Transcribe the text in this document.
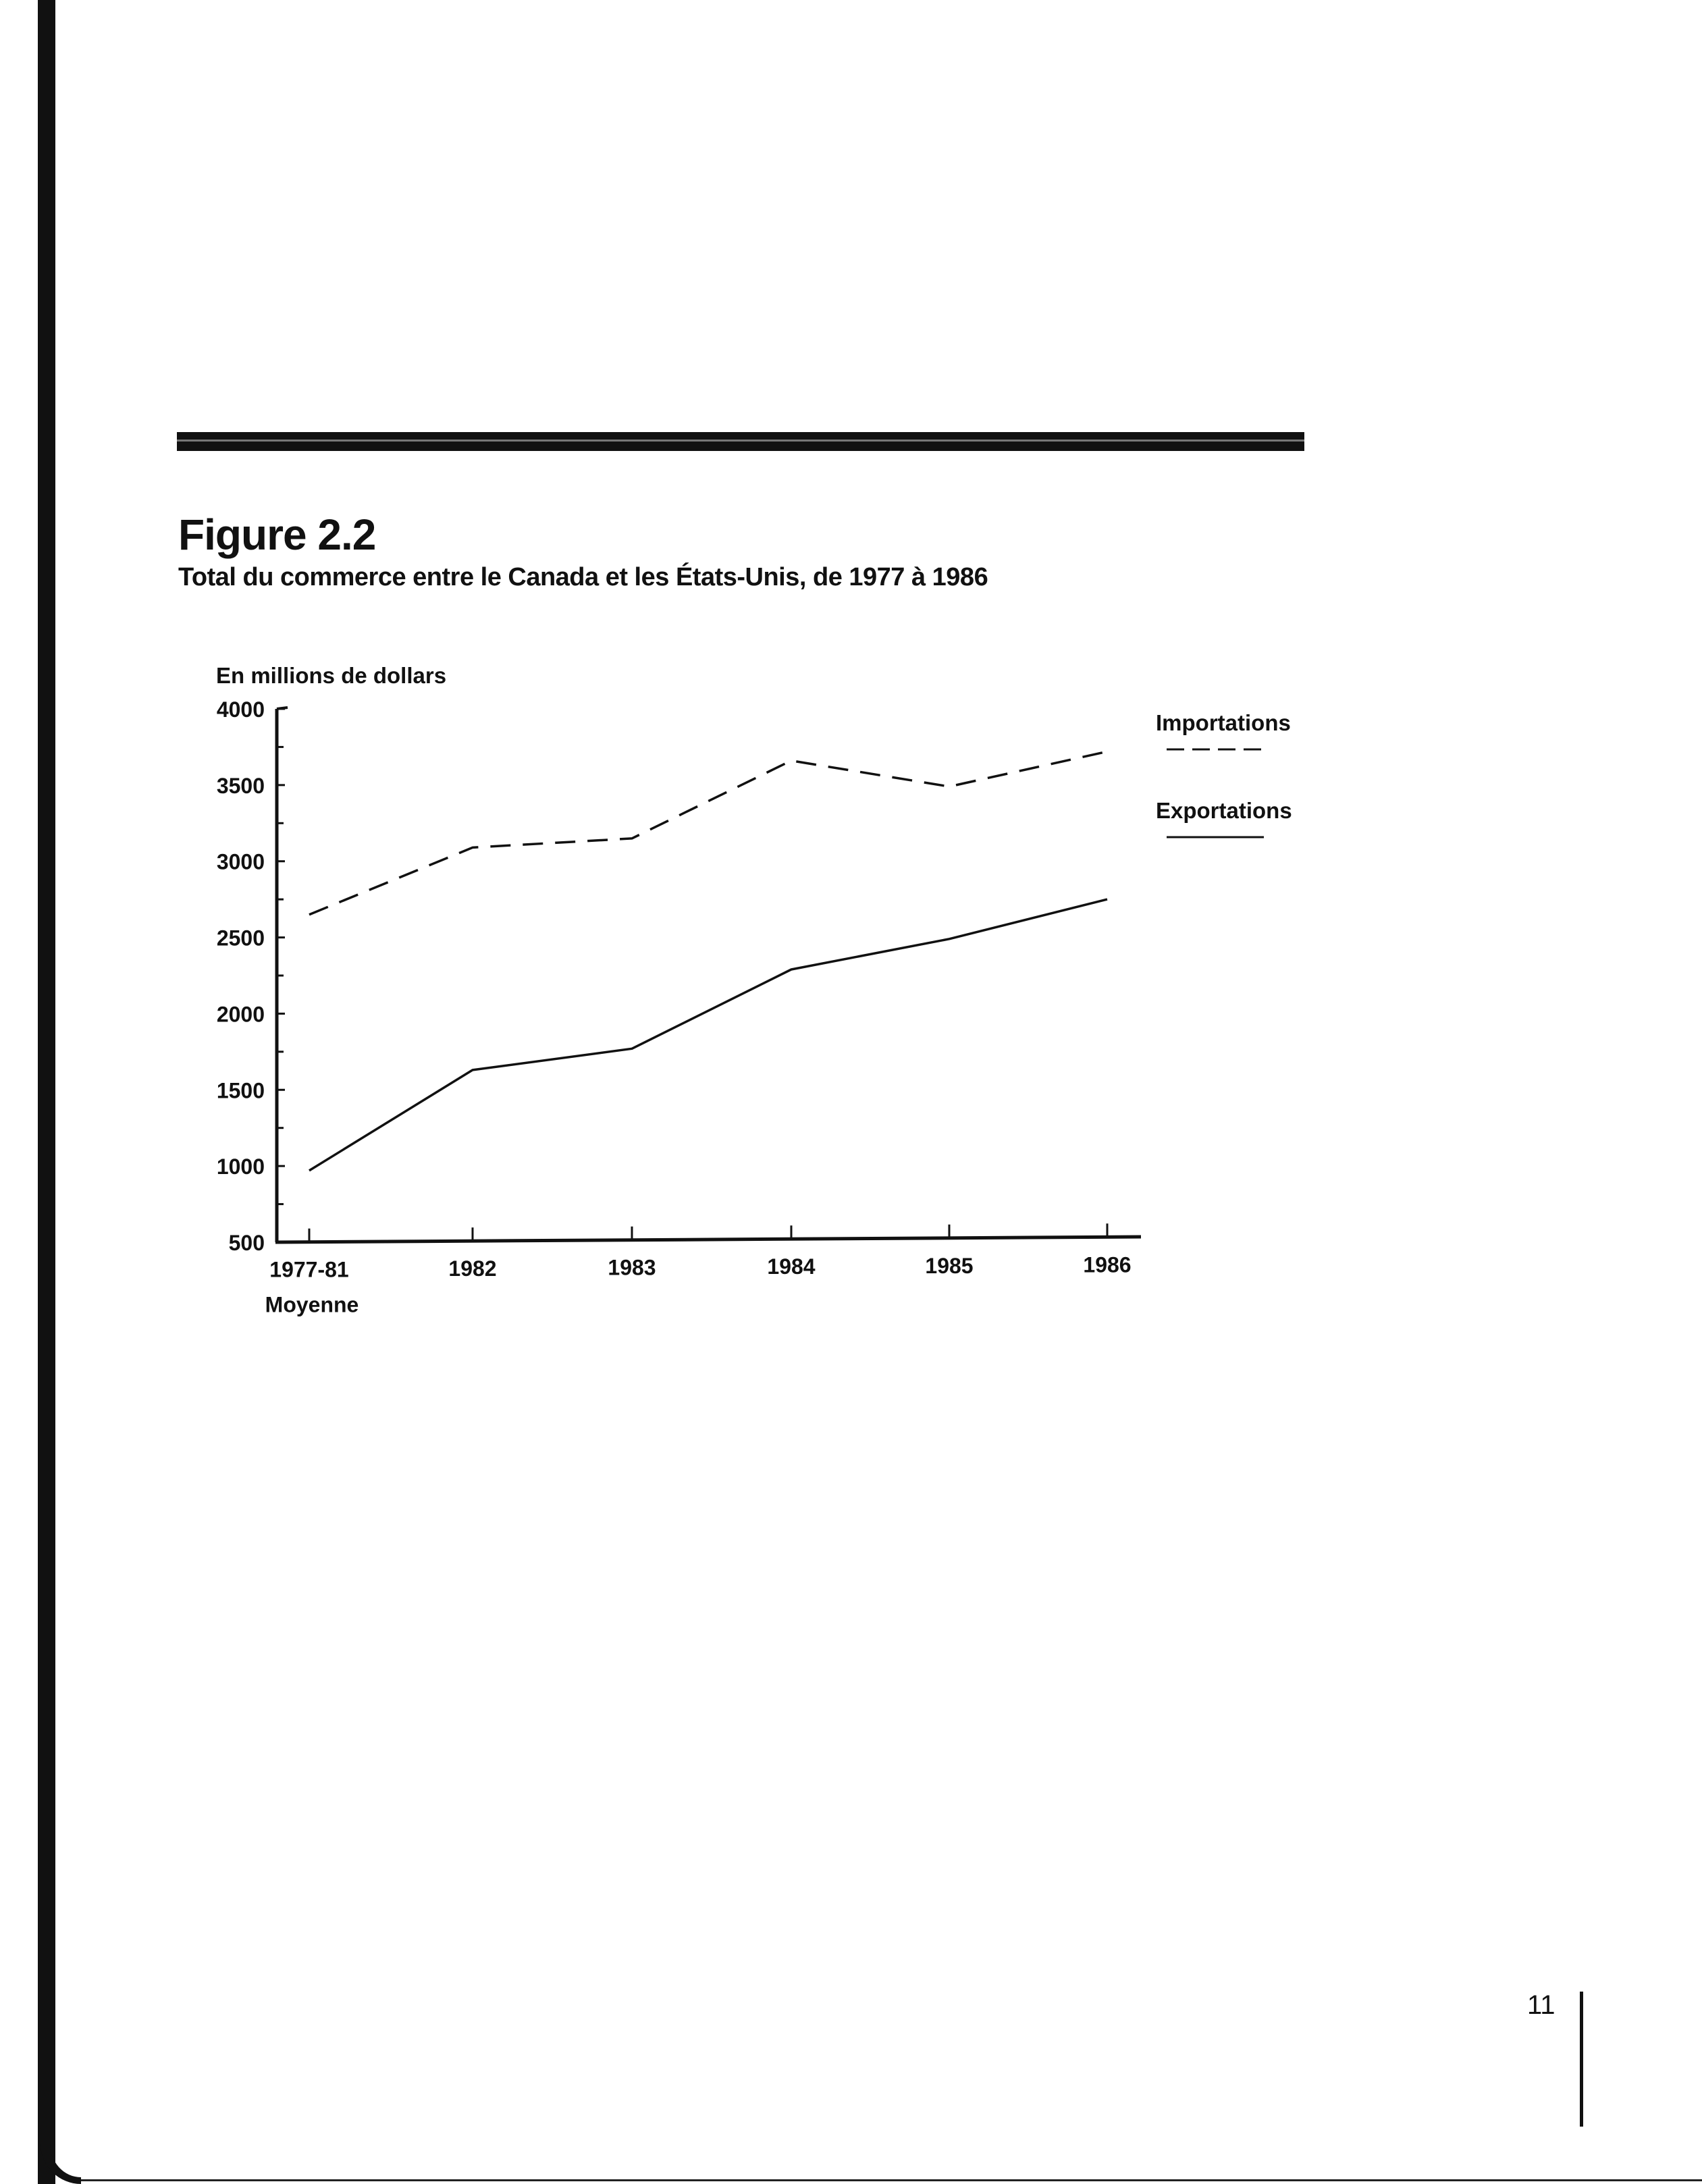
Figure 2.2
Total du commerce entre le Canada et les États-Unis, de 1977 à 1986
500
1000
1500
2000
2500
3000
3500
4000
En millions de dollars
1977-81
Moyenne
1982	1983	1984	1985	1986
Importations
Exportations
11
